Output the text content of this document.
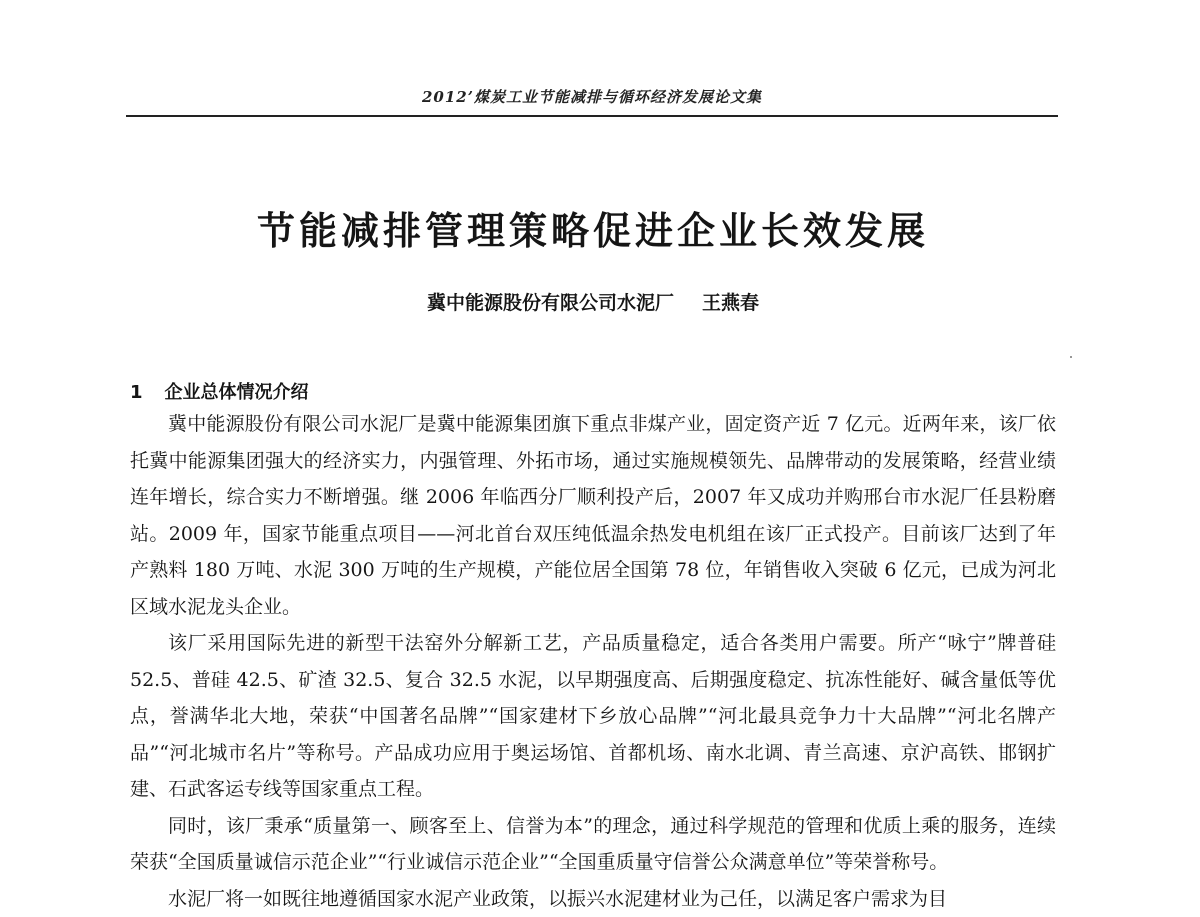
2012’煤炭工业节能减排与循环经济发展论文集
节能减排管理策略促进企业长效发展
冀中能源股份有限公司水泥厂 王燕春
1 企业总体情况介绍

冀中能源股份有限公司水泥厂是冀中能源集团旗下重点非煤产业，固定资产近 7 亿元。近两年来，该厂依托冀中能源集团强大的经济实力，内强管理、外拓市场，通过实施规模领先、品牌带动的发展策略，经营业绩连年增长，综合实力不断增强。继 2006 年临西分厂顺利投产后，2007 年又成功并购邢台市水泥厂任县粉磨站。2009 年，国家节能重点项目——河北首台双压纯低温余热发电机组在该厂正式投产。目前该厂达到了年产熟料 180 万吨、水泥 300 万吨的生产规模，产能位居全国第 78 位，年销售收入突破 6 亿元，已成为河北区域水泥龙头企业。

该厂采用国际先进的新型干法窑外分解新工艺，产品质量稳定，适合各类用户需要。所产“咏宁”牌普硅 52.5、普硅 42.5、矿渣 32.5、复合 32.5 水泥，以早期强度高、后期强度稳定、抗冻性能好、碱含量低等优点，誉满华北大地，荣获“中国著名品牌”“国家建材下乡放心品牌”“河北最具竞争力十大品牌”“河北名牌产品”“河北城市名片”等称号。产品成功应用于奥运场馆、首都机场、南水北调、青兰高速、京沪高铁、邯钢扩建、石武客运专线等国家重点工程。

同时，该厂秉承“质量第一、顾客至上、信誉为本”的理念，通过科学规范的管理和优质上乘的服务，连续荣获“全国质量诚信示范企业”“行业诚信示范企业”“全国重质量守信誉公众满意单位”等荣誉称号。

水泥厂将一如既往地遵循国家水泥产业政策，以振兴水泥建材业为己任，以满足客户需求为目
